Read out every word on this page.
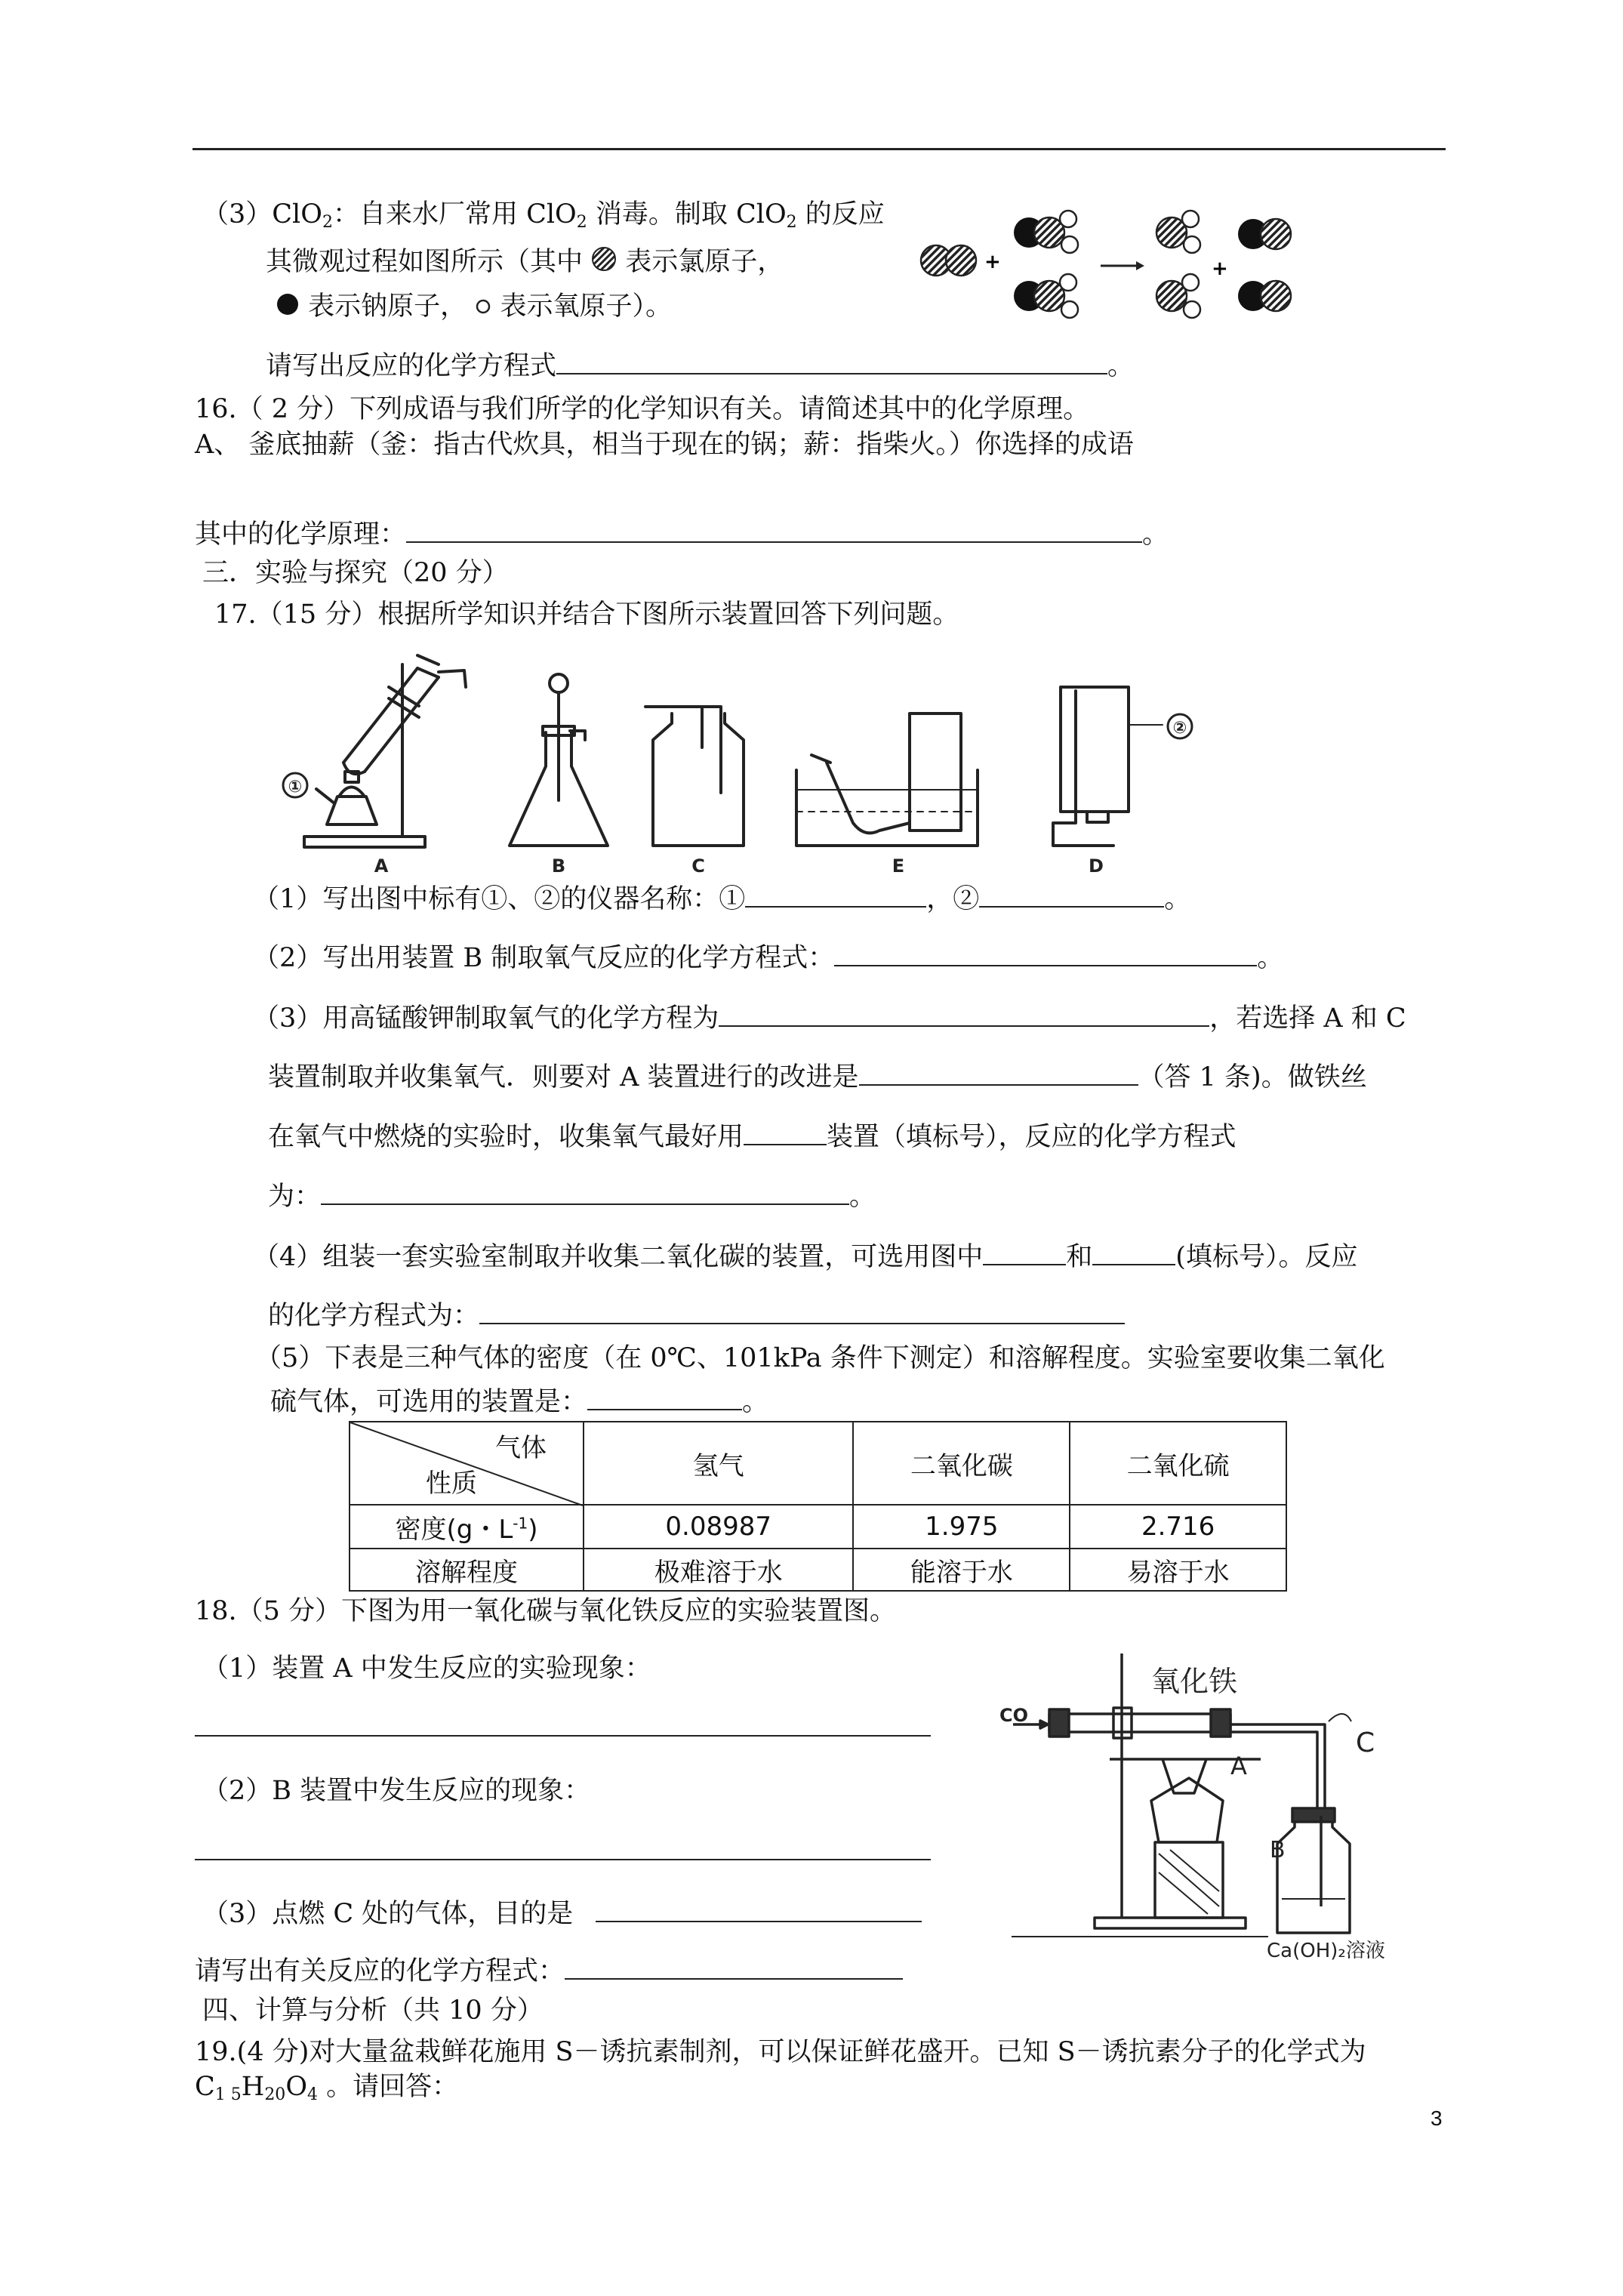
（3）ClO$_2$：自来水厂常用 ClO$_2$ 消毒。制取 ClO$_2$ 的反应
其微观过程如图所示（其中  表示氯原子，
表示钠原子，  表示氧原子）。
请写出反应的化学方程式	。
+	+
16.（ 2 分）下列成语与我们所学的化学知识有关。请简述其中的化学原理。
A、 釜底抽薪（釜：指古代炊具，相当于现在的锅；薪：指柴火。）你选择的成语
其中的化学原理：	。
三．实验与探究（20 分）
17.（15 分）根据所学知识并结合下图所示装置回答下列问题。
①
②
A	B	C	E	D
（1）写出图中标有①、②的仪器名称：①	，②	。
（2）写出用装置 B 制取氧气反应的化学方程式：	。
（3）用高锰酸钾制取氧气的化学方程为	，若选择 A 和 C
装置制取并收集氧气．则要对 A 装置进行的改进是	（答 1 条)。做铁丝
在氧气中燃烧的实验时，收集氧气最好用	装置（填标号），反应的化学方程式
为：	。
（4）组装一套实验室制取并收集二氧化碳的装置，可选用图中	和	(填标号）。反应
的化学方程式为：
（5）下表是三种气体的密度（在 0℃、101kPa 条件下测定）和溶解程度。实验室要收集二氧化
硫气体，可选用的装置是：	。
气体
性质	氢气	二氧化碳	二氧化硫
密度(g・$L^{-1}$)	0.08987	1.975	2.716
溶解程度	极难溶于水	能溶于水	易溶于水
18.（5 分）下图为用一氧化碳与氧化铁反应的实验装置图。
（1）装置 A 中发生反应的实验现象：
（2）B 装置中发生反应的现象：
（3）点燃 C 处的气体，目的是
请写出有关反应的化学方程式：
CO
氧化铁
A
C
B
Ca(OH)₂溶液
四、计算与分析（共 10 分）
19.(4 分)对大量盆栽鲜花施用 S－诱抗素制剂，可以保证鲜花盛开。已知 S－诱抗素分子的化学式为
$C_{1 5}H_{20}O_4$ 。请回答：
3
